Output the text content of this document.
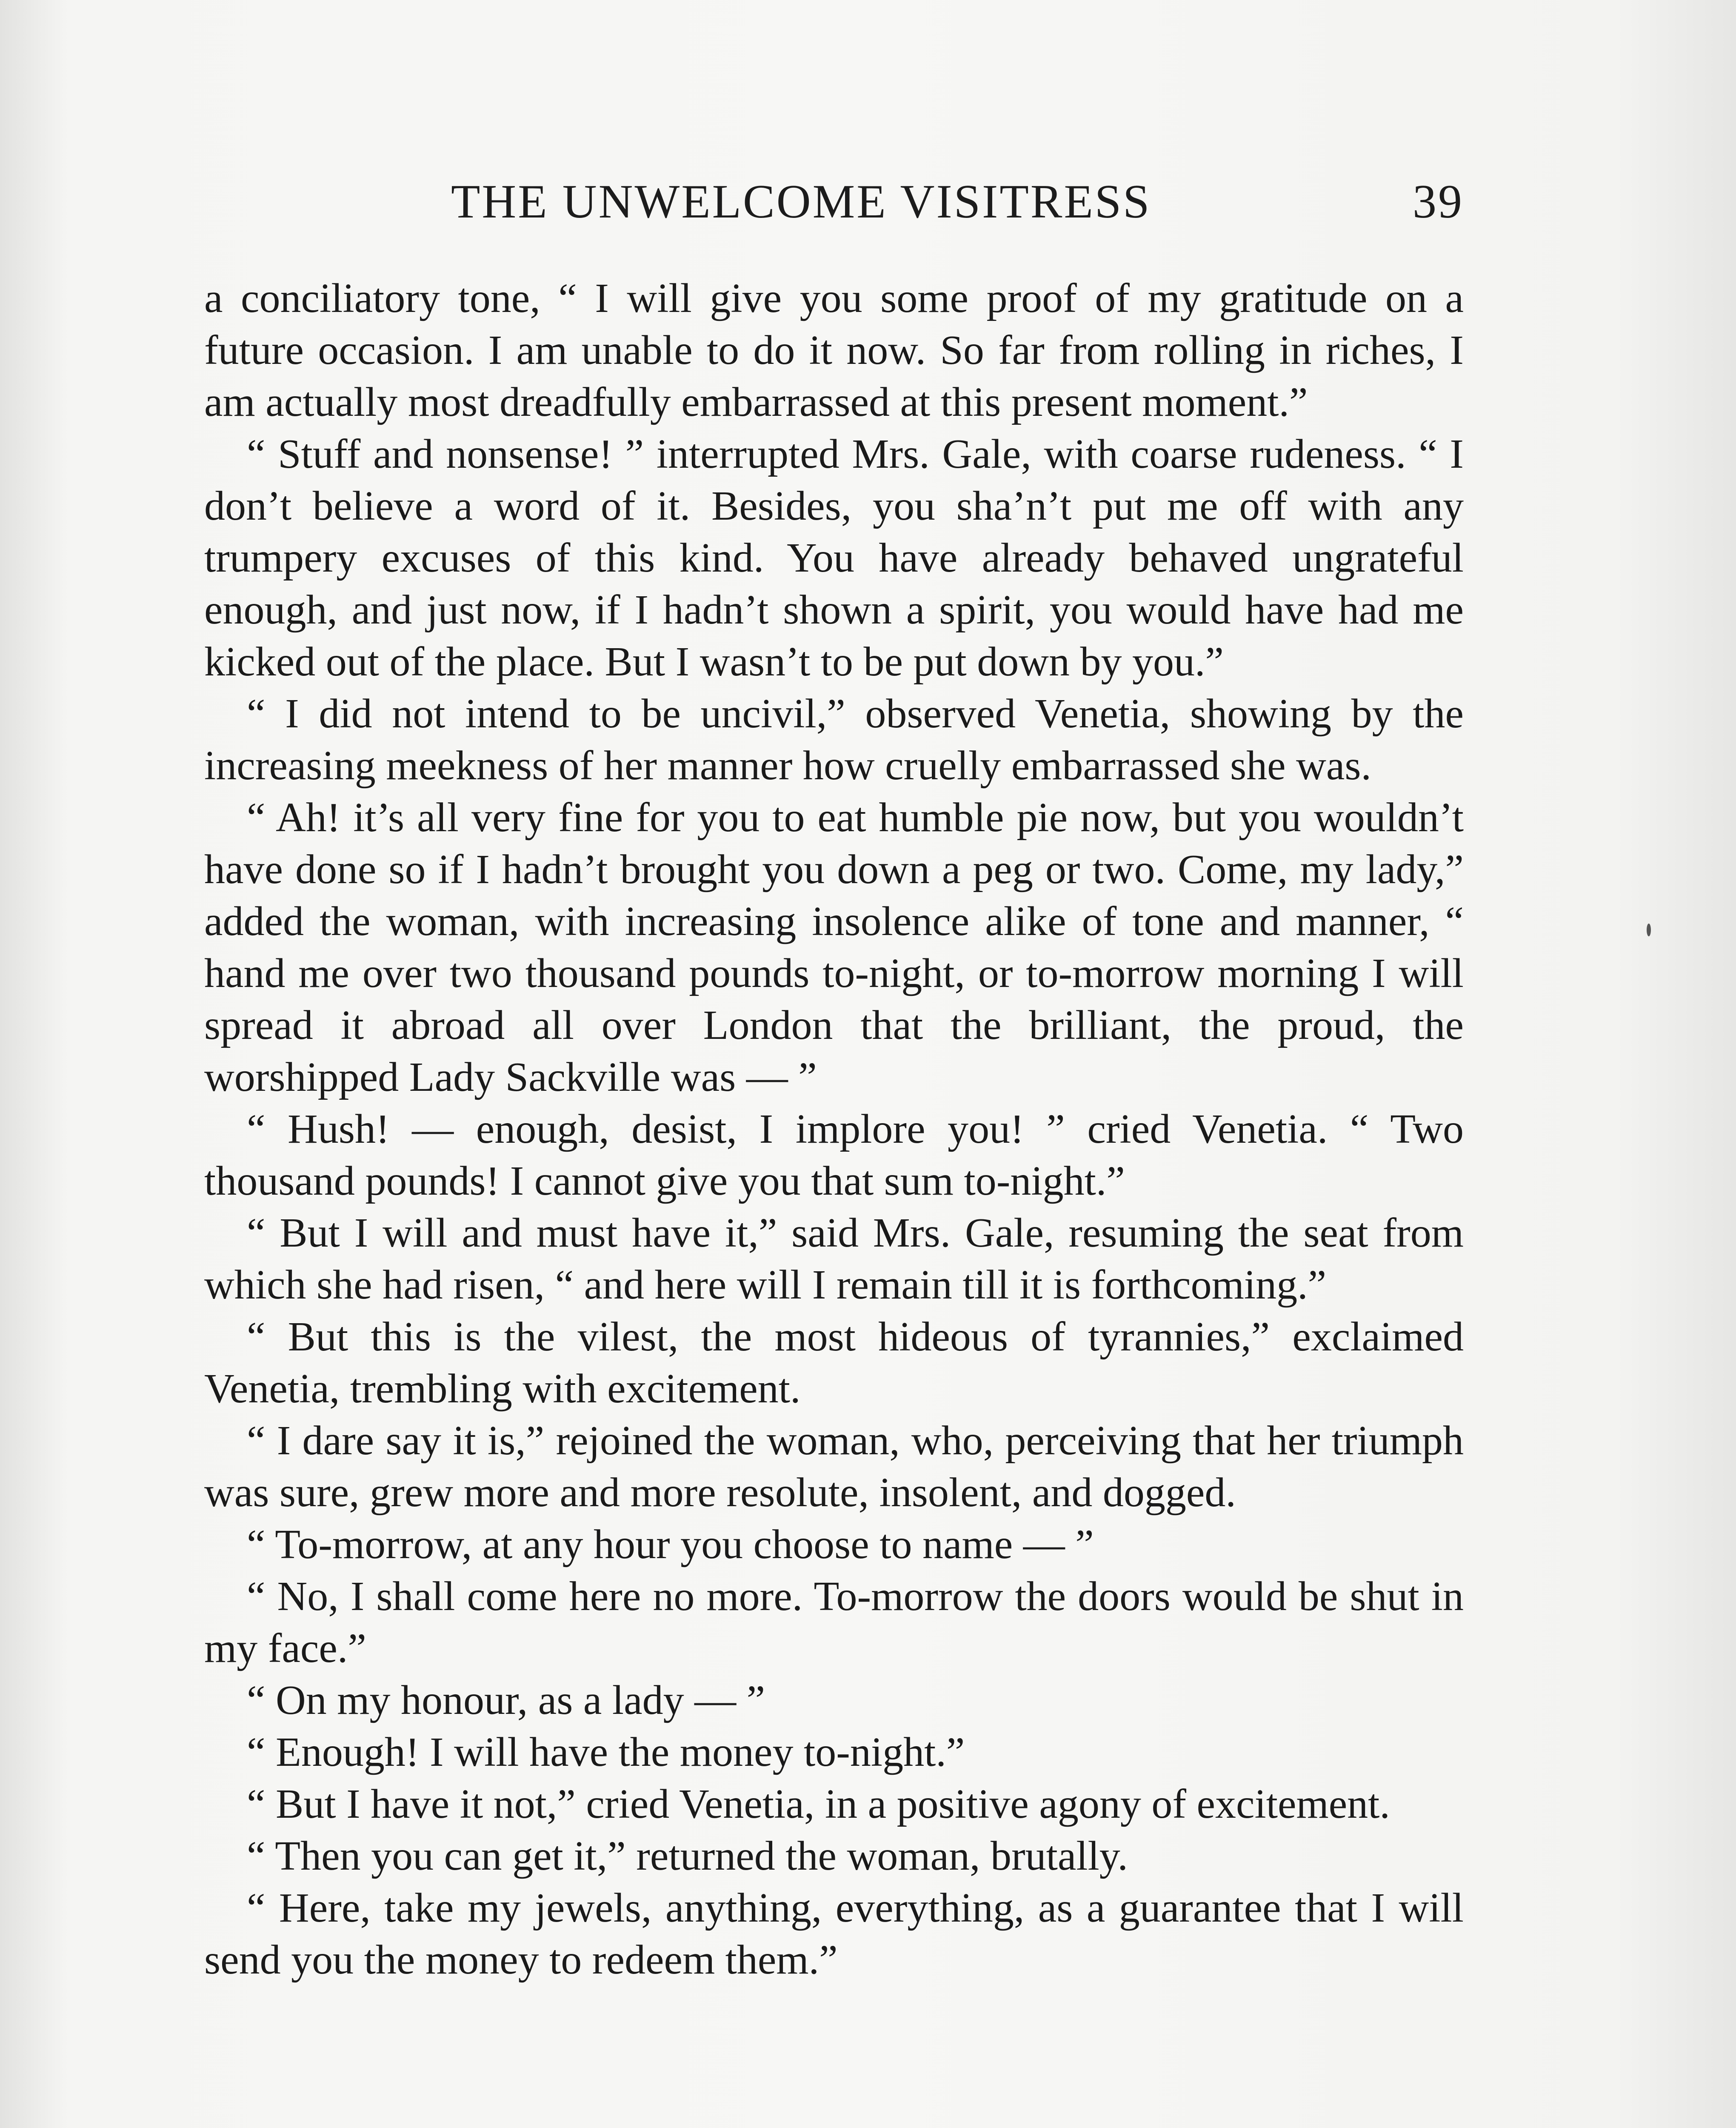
THE UNWELCOME VISITRESS	39

a conciliatory tone, “ I will give you some proof of my gratitude on a future occasion. I am unable to do it now. So far from rolling in riches, I am actually most dreadfully embarrassed at this present moment.”

“ Stuff and nonsense! ” interrupted Mrs. Gale, with coarse rudeness. “ I don’t believe a word of it. Besides, you sha’n’t put me off with any trumpery excuses of this kind. You have already behaved ungrateful enough, and just now, if I hadn’t shown a spirit, you would have had me kicked out of the place. But I wasn’t to be put down by you.”

“ I did not intend to be uncivil,” observed Venetia, showing by the increasing meekness of her manner how cruelly embarrassed she was.

“ Ah! it’s all very fine for you to eat humble pie now, but you wouldn’t have done so if I hadn’t brought you down a peg or two. Come, my lady,” added the woman, with increasing insolence alike of tone and manner, “ hand me over two thousand pounds to-night, or to-morrow morning I will spread it abroad all over London that the brilliant, the proud, the worshipped Lady Sackville was — ”

“ Hush! — enough, desist, I implore you! ” cried Venetia. “ Two thousand pounds! I cannot give you that sum to-night.”

“ But I will and must have it,” said Mrs. Gale, resuming the seat from which she had risen, “ and here will I remain till it is forthcoming.”

“ But this is the vilest, the most hideous of tyrannies,” exclaimed Venetia, trembling with excitement.

“ I dare say it is,” rejoined the woman, who, perceiving that her triumph was sure, grew more and more resolute, insolent, and dogged.

“ To-morrow, at any hour you choose to name — ”

“ No, I shall come here no more. To-morrow the doors would be shut in my face.”

“ On my honour, as a lady — ”

“ Enough! I will have the money to-night.”

“ But I have it not,” cried Venetia, in a positive agony of excitement.

“ Then you can get it,” returned the woman, brutally.

“ Here, take my jewels, anything, everything, as a guarantee that I will send you the money to redeem them.”
